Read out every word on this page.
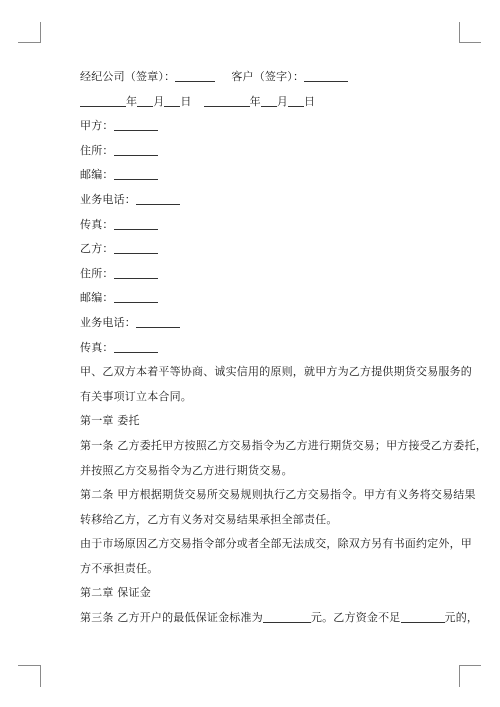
经纪公司（签章）：	客户（签字）：
年 月 日	年 月 日
甲方：
住所：
邮编：
业务电话：
传真：
乙方：
住所：
邮编：
业务电话：
传真：
甲、乙双方本着平等协商、诚实信用的原则，就甲方为乙方提供期货交易服务的
有关事项订立本合同。
第一章 委托
第一条 乙方委托甲方按照乙方交易指令为乙方进行期货交易；甲方接受乙方委托，
并按照乙方交易指令为乙方进行期货交易。
第二条 甲方根据期货交易所交易规则执行乙方交易指令。甲方有义务将交易结果
转移给乙方，乙方有义务对交易结果承担全部责任。
由于市场原因乙方交易指令部分或者全部无法成交，除双方另有书面约定外，甲
方不承担责任。
第二章 保证金
第三条 乙方开户的最低保证金标准为	元。乙方资金不足	元的，
